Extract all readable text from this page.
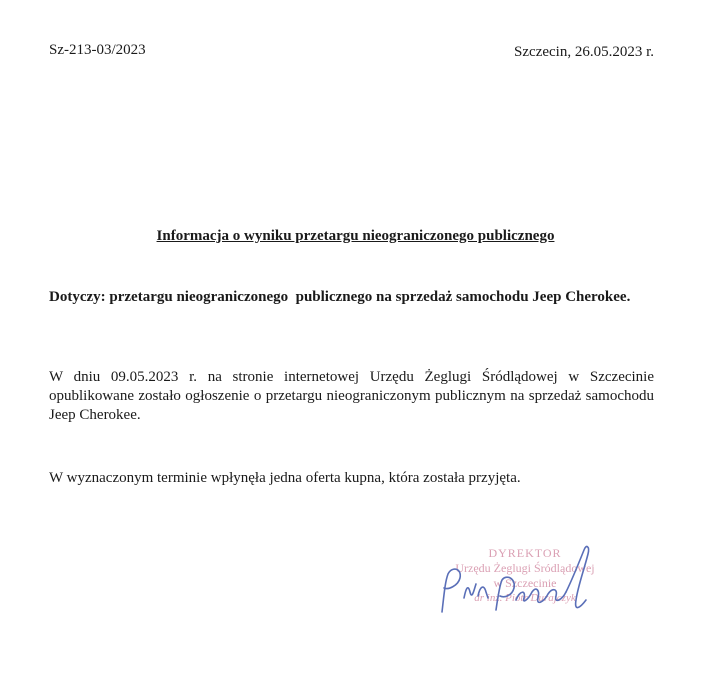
Sz-213-03/2023	Szczecin, 26.05.2023 r.
Informacja o wyniku przetargu nieograniczonego publicznego
Dotyczy: przetargu nieograniczonego  publicznego na sprzedaż samochodu Jeep Cherokee.
W dniu 09.05.2023 r. na stronie internetowej Urzędu Żeglugi Śródlądowej w Szczecinie opublikowane zostało ogłoszenie o przetargu nieograniczonym publicznym na sprzedaż samochodu Jeep Cherokee.
W wyznaczonym terminie wpłynęła jedna oferta kupna, która została przyjęta.
DYREKTOR
Urzędu Żeglugi Śródlądowej
w Szczecinie
dr inż. Piotr Durajczyk
